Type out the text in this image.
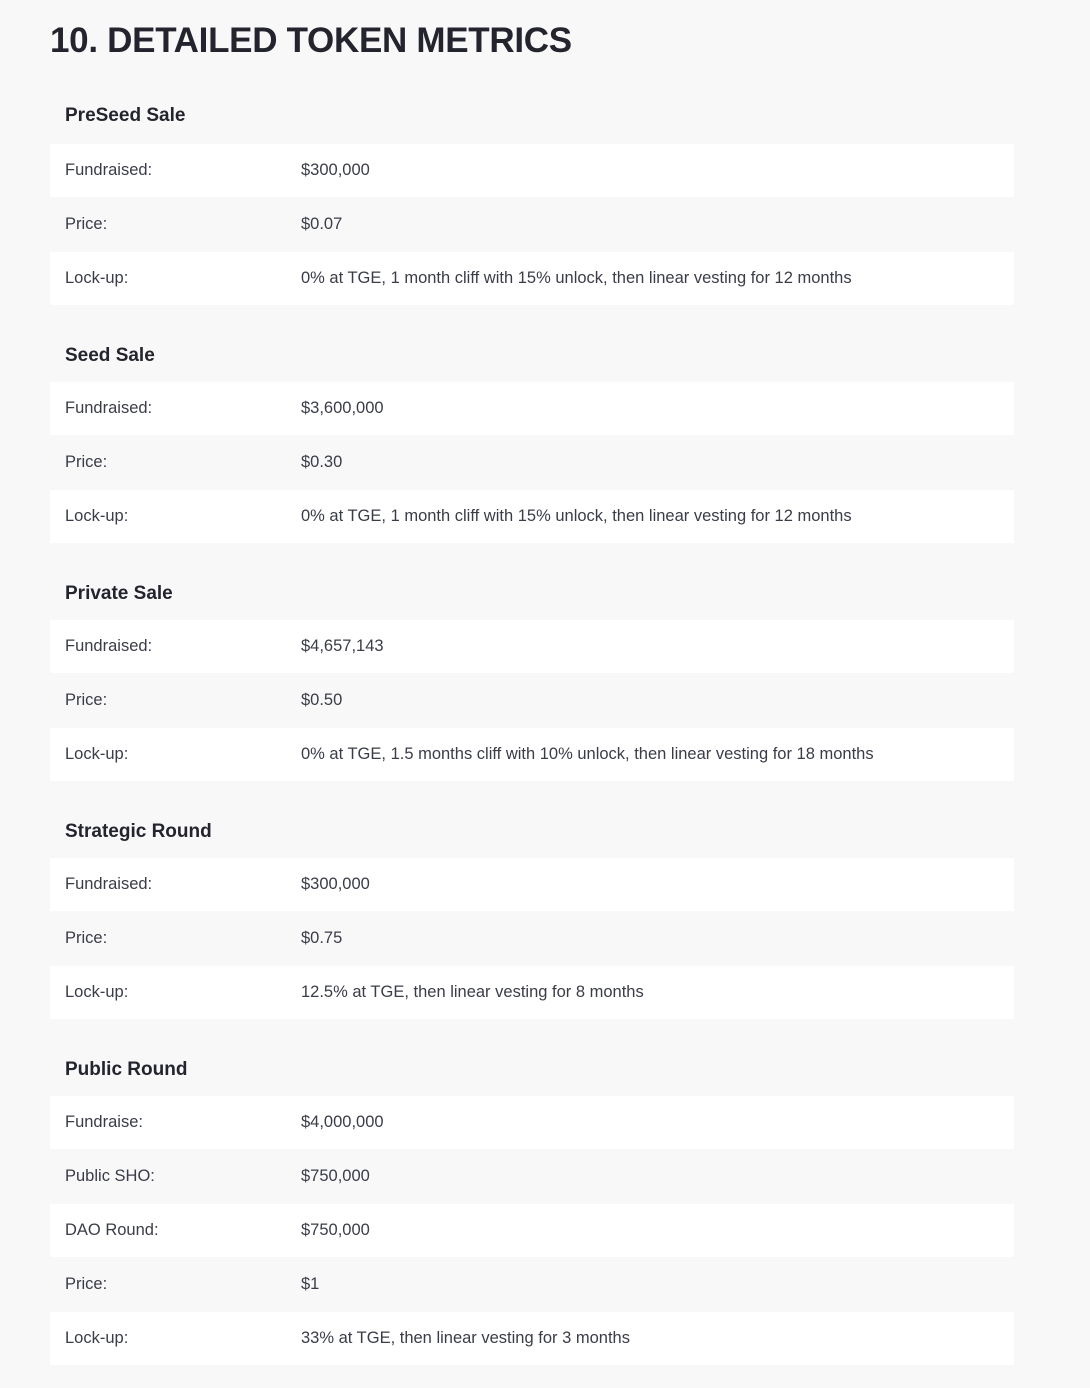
10. DETAILED TOKEN METRICS
PreSeed Sale
Fundraised:	$300,000
Price:	$0.07
Lock-up:	0% at TGE, 1 month cliff with 15% unlock, then linear vesting for 12 months
Seed Sale
Fundraised:	$3,600,000
Price:	$0.30
Lock-up:	0% at TGE, 1 month cliff with 15% unlock, then linear vesting for 12 months
Private Sale
Fundraised:	$4,657,143
Price:	$0.50
Lock-up:	0% at TGE, 1.5 months cliff with 10% unlock, then linear vesting for 18 months
Strategic Round
Fundraised:	$300,000
Price:	$0.75
Lock-up:	12.5% at TGE, then linear vesting for 8 months
Public Round
Fundraise:	$4,000,000
Public SHO:	$750,000
DAO Round:	$750,000
Price:	$1
Lock-up:	33% at TGE, then linear vesting for 3 months
